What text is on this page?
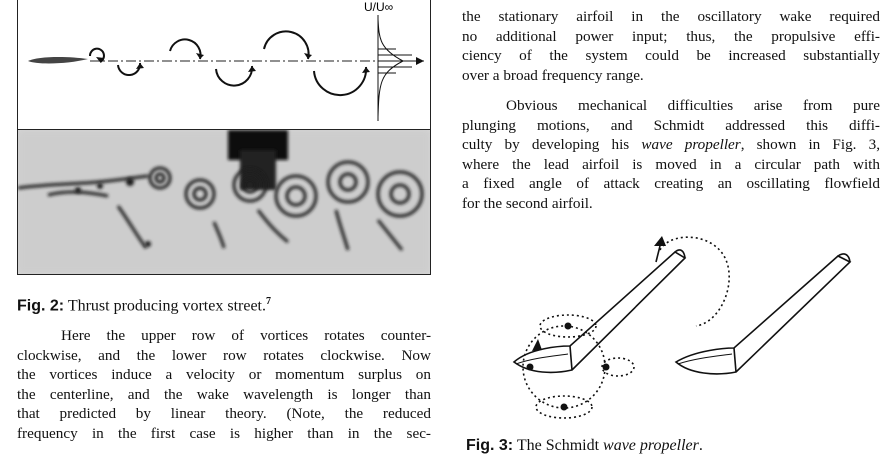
U/U∞
Fig. 2: Thrust producing vortex street.$^7$
Here the upper row of vortices rotates counter-
clockwise, and the lower row rotates clockwise. Now
the vortices induce a velocity or momentum surplus on
the centerline, and the wake wavelength is longer than
that predicted by linear theory. (Note, the reduced
frequency in the first case is higher than in the sec-
the stationary airfoil in the oscillatory wake required
no additional power input; thus, the propulsive effi-
ciency of the system could be increased substantially
over a broad frequency range.
Obvious mechanical difficulties arise from pure
plunging motions, and Schmidt addressed this diffi-
culty by developing his wave propeller, shown in Fig. 3,
where the lead airfoil is moved in a circular path with
a fixed angle of attack creating an oscillating flowfield
for the second airfoil.
Fig. 3: The Schmidt wave propeller.
